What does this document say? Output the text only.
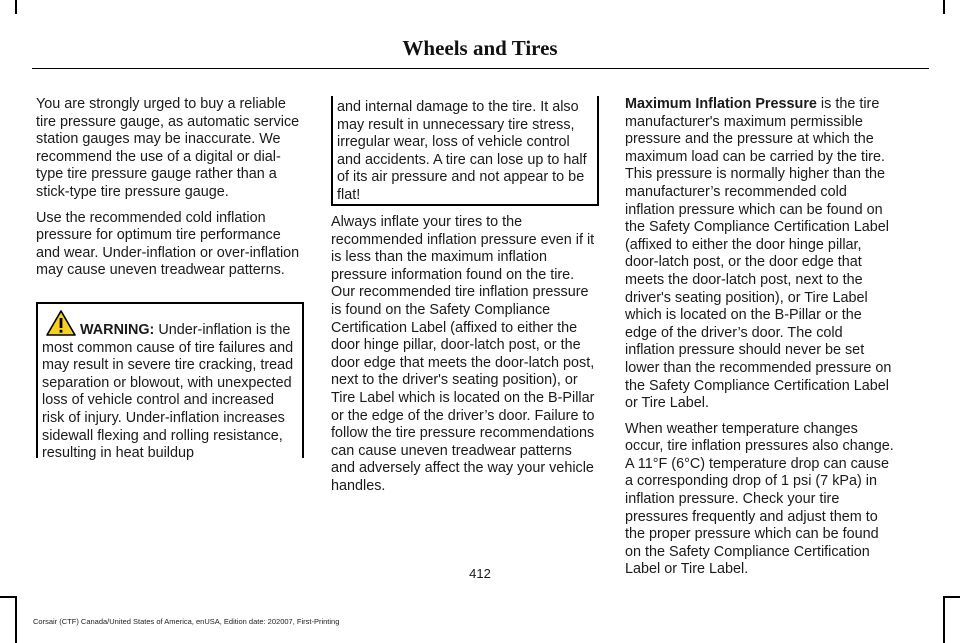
Wheels and Tires

You are strongly urged to buy a reliable tire pressure gauge, as automatic service station gauges may be inaccurate. We recommend the use of a digital or dial-type tire pressure gauge rather than a stick-type tire pressure gauge.

Use the recommended cold inflation pressure for optimum tire performance and wear. Under-inflation or over-inflation may cause uneven treadwear patterns.

WARNING: Under-inflation is the most common cause of tire failures and may result in severe tire cracking, tread separation or blowout, with unexpected loss of vehicle control and increased risk of injury. Under-inflation increases sidewall flexing and rolling resistance, resulting in heat buildup
and internal damage to the tire. It also may result in unnecessary tire stress, irregular wear, loss of vehicle control and accidents. A tire can lose up to half of its air pressure and not appear to be flat!

Always inflate your tires to the recommended inflation pressure even if it is less than the maximum inflation pressure information found on the tire. Our recommended tire inflation pressure is found on the Safety Compliance Certification Label (affixed to either the door hinge pillar, door-latch post, or the door edge that meets the door-latch post, next to the driver's seating position), or Tire Label which is located on the B-Pillar or the edge of the driver’s door. Failure to follow the tire pressure recommendations can cause uneven treadwear patterns and adversely affect the way your vehicle handles.

Maximum Inflation Pressure is the tire manufacturer's maximum permissible pressure and the pressure at which the maximum load can be carried by the tire. This pressure is normally higher than the manufacturer’s recommended cold inflation pressure which can be found on the Safety Compliance Certification Label (affixed to either the door hinge pillar, door-latch post, or the door edge that meets the door-latch post, next to the driver's seating position), or Tire Label which is located on the B-Pillar or the edge of the driver’s door. The cold inflation pressure should never be set lower than the recommended pressure on the Safety Compliance Certification Label or Tire Label.

When weather temperature changes occur, tire inflation pressures also change. A 11°F (6°C) temperature drop can cause a corresponding drop of 1 psi (7 kPa) in inflation pressure. Check your tire pressures frequently and adjust them to the proper pressure which can be found on the Safety Compliance Certification Label or Tire Label.

412
Corsair (CTF) Canada/United States of America, enUSA, Edition date: 202007, First-Printing
